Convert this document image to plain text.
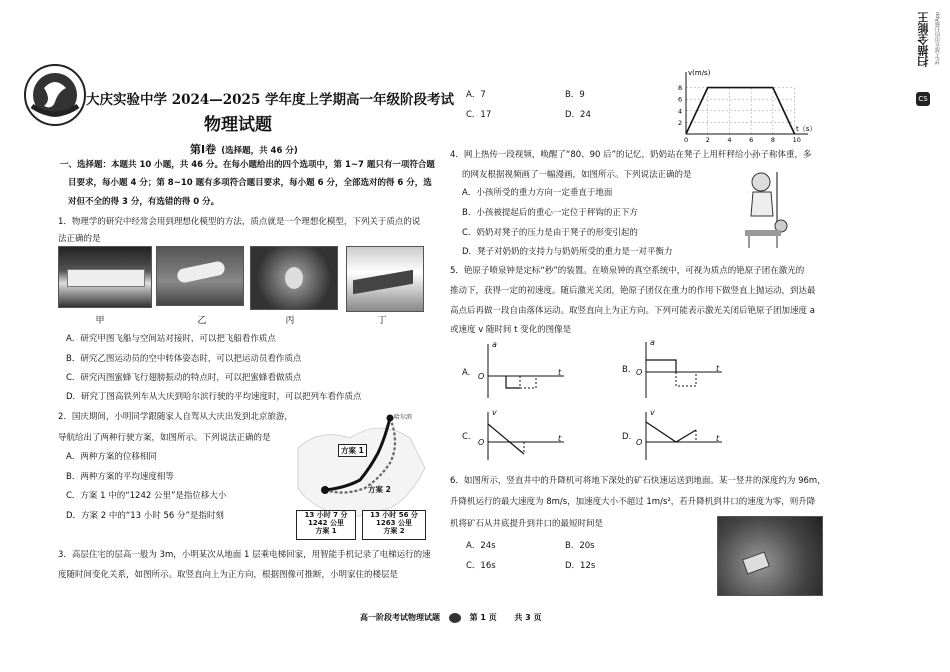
大庆实验中学 2024—2025 学年度上学期高一年级阶段考试
物理试题
第Ⅰ卷 (选择题，共 46 分)
一、选择题：本题共 10 小题，共 46 分。在每小题给出的四个选项中，第 1~7 题只有一项符合题
目要求，每小题 4 分；第 8~10 题有多项符合题目要求，每小题 6 分，全部选对的得 6 分，选
对但不全的得 3 分，有选错的得 0 分。
1．物理学的研究中经常会用到理想化模型的方法，质点就是一个理想化模型，下列关于质点的说
法正确的是
甲	乙	丙	丁
A．研究甲图飞船与空间站对接时，可以把飞船看作质点
B．研究乙图运动员的空中转体姿态时，可以把运动员看作质点
C．研究丙图蜜蜂飞行翅膀振动的特点时，可以把蜜蜂看做质点
D．研究丁图高铁列车从大庆到哈尔滨行驶的平均速度时，可以把列车看作质点
2．国庆期间，小明同学跟随家人自驾从大庆出发到北京旅游，
导航给出了两种行驶方案，如图所示。下列说法正确的是
A．两种方案的位移相同
B．两种方案的平均速度相等
C．方案 1 中的“1242 公里”是指位移大小
D．方案 2 中的“13 小时 56 分”是指时刻
方案 1
方案 2
哈尔滨
13 小时 7 分
1242 公里
方案 1
13 小时 56 分
1263 公里
方案 2
3．高层住宅的层高一般为 3m，小明某次从地面 1 层乘电梯回家，用智能手机记录了电梯运行的速
度随时间变化关系，如图所示。取竖直向上为正方向，根据图像可推断，小明家住的楼层是
A．7	B．9
C．17	D．24
2
4
6
8
0	2	4	6	8	10
v(m/s)
t（s）
4．网上热传一段视频，唤醒了“80、90 后”的记忆，奶奶站在凳子上用杆秤给小孙子称体重，多
的网友根据视频画了一幅漫画，如图所示。下列说法正确的是
A．小孩所受的重力方向一定垂直于地面
B．小孩被提起后的重心一定位于秤钩的正下方
C．奶奶对凳子的压力是由于凳子的形变引起的
D．凳子对奶奶的支持力与奶奶所受的重力是一对平衡力
5．铯原子喷泉钟是定标“秒”的装置。在喷泉钟的真空系统中，可视为质点的铯原子团在激光的
推动下，获得一定的初速度。随后激光关闭，铯原子团仅在重力的作用下做竖直上抛运动，到达最
高点后再做一段自由落体运动。取竖直向上为正方向。下列可能表示激光关闭后铯原子团加速度 a
或速度 v 随时间 t 变化的图像是
A.
a
t
O
B.
a
t
O
C.
v
t
O
D.
v
t
O
6．如图所示，竖直井中的升降机可将地下深处的矿石快速运送到地面。某一竖井的深度约为 96m，
升降机运行的最大速度为 8m/s，加速度大小不超过 1m/s²，若升降机到井口的速度为零，则升降
机将矿石从井底提升到井口的最短时间是
A．24s	B．20s
C．16s	D．12s
高一阶段考试物理试题	第 1 页 共 3 页
CS
扫描全能王	3亿人都在用的扫描App
